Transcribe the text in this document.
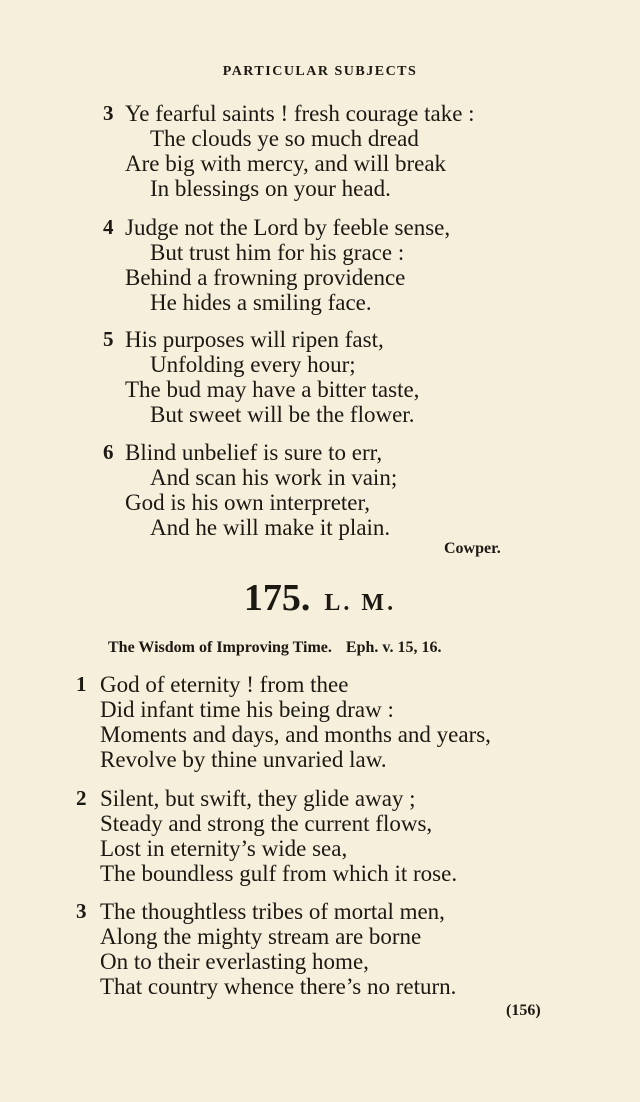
PARTICULAR SUBJECTS
3 Ye fearful saints ! fresh courage take :
The clouds ye so much dread
Are big with mercy, and will break
In blessings on your head.
4 Judge not the Lord by feeble sense,
But trust him for his grace :
Behind a frowning providence
He hides a smiling face.
5 His purposes will ripen fast,
Unfolding every hour;
The bud may have a bitter taste,
But sweet will be the flower.
6 Blind unbelief is sure to err,
And scan his work in vain;
God is his own interpreter,
And he will make it plain.
Cowper.
175. L. M.
The Wisdom of Improving Time. Eph. v. 15, 16.
1 God of eternity ! from thee
Did infant time his being draw :
Moments and days, and months and years,
Revolve by thine unvaried law.
2 Silent, but swift, they glide away ;
Steady and strong the current flows,
Lost in eternity’s wide sea,
The boundless gulf from which it rose.
3 The thoughtless tribes of mortal men,
Along the mighty stream are borne
On to their everlasting home,
That country whence there’s no return.
(156)
